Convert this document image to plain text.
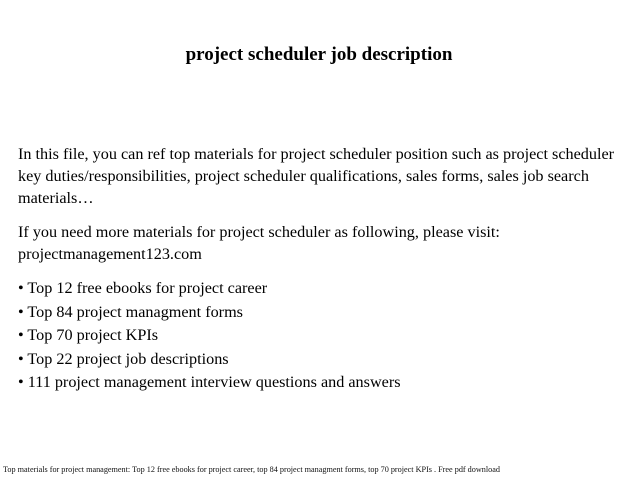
project scheduler job description

In this file, you can ref top materials for project scheduler position such as project scheduler key duties/responsibilities, project scheduler qualifications, sales forms, sales job search materials…

If you need more materials for project scheduler as following, please visit: projectmanagement123.com

• Top 12 free ebooks for project career
• Top 84 project managment forms
• Top 70 project KPIs
• Top 22 project job descriptions
• 111 project management interview questions and answers
Top materials for project management: Top 12 free ebooks for project career, top 84 project managment forms, top 70 project KPIs . Free pdf download
